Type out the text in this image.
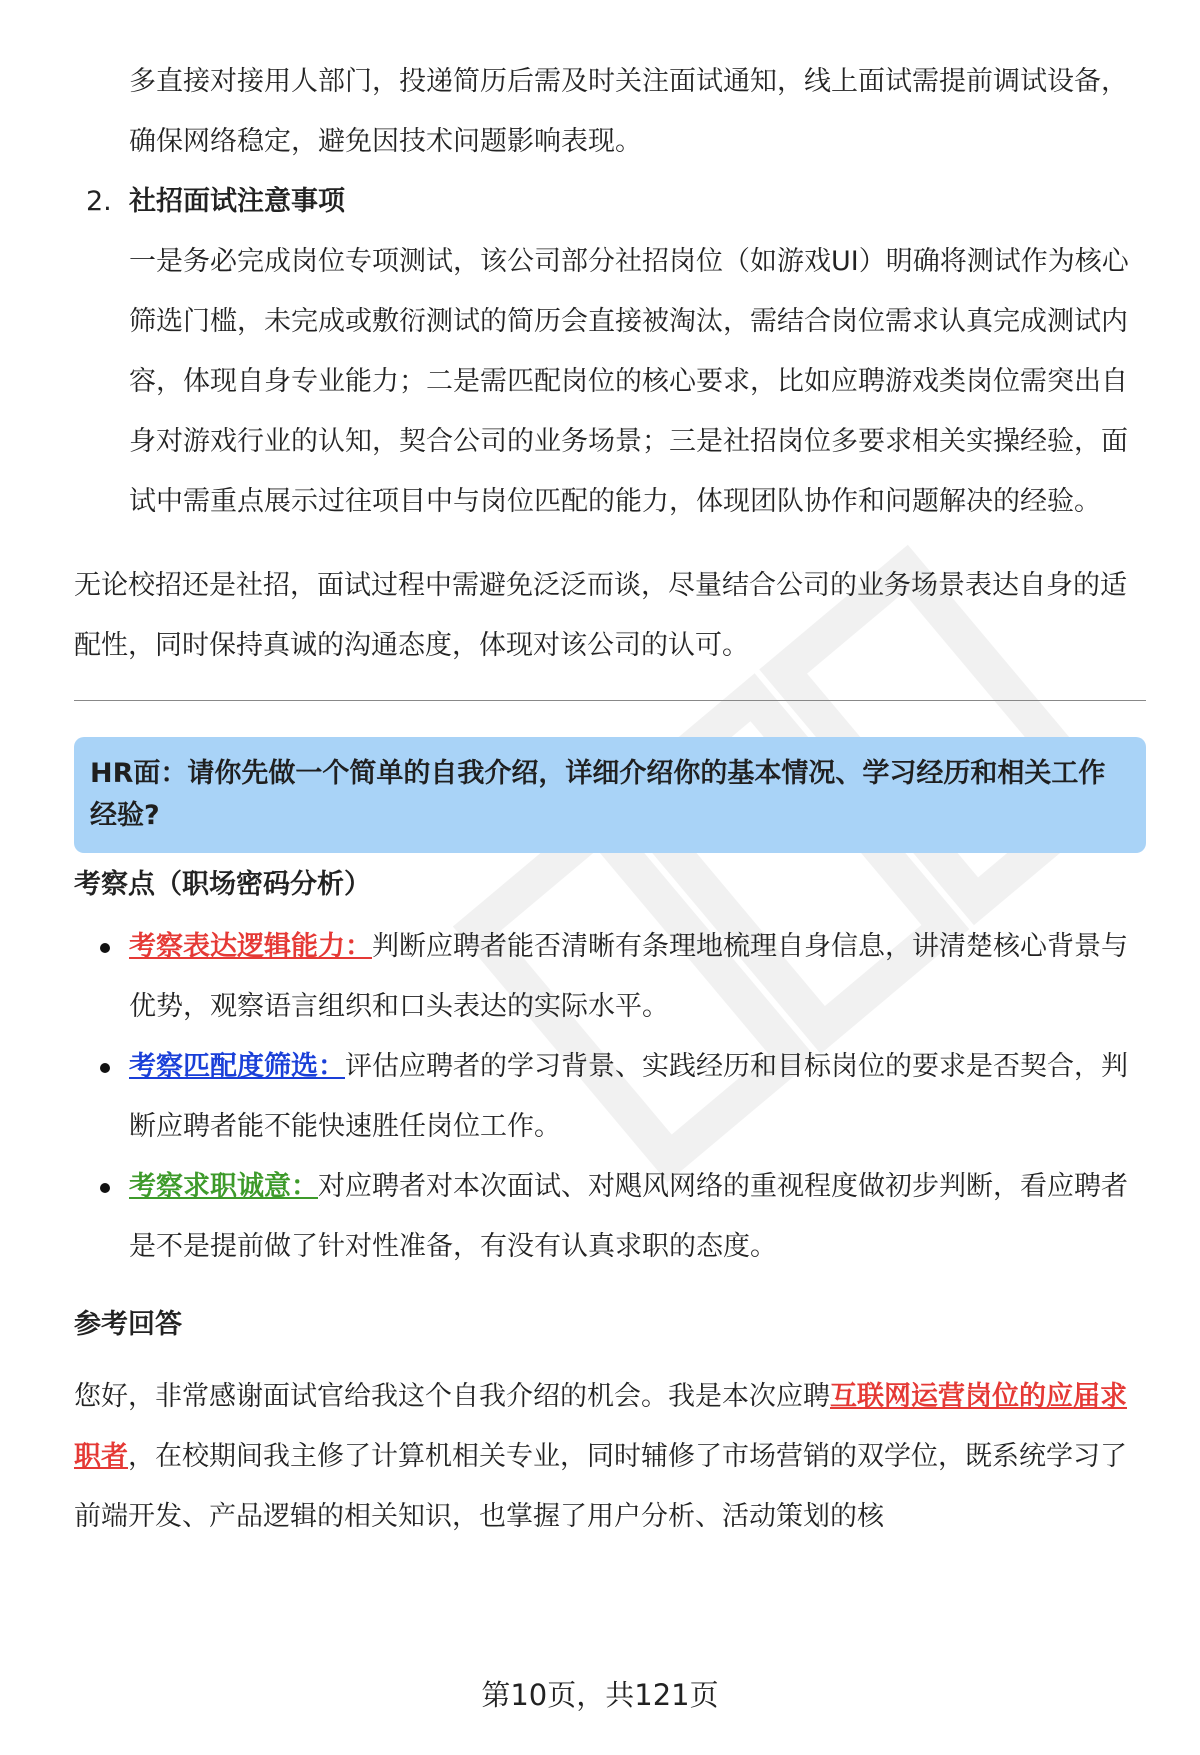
多直接对接用人部门，投递简历后需及时关注面试通知，线上面试需提前调试设备，确保网络稳定，避免因技术问题影响表现。

2. 社招面试注意事项

一是务必完成岗位专项测试，该公司部分社招岗位（如游戏UI）明确将测试作为核心筛选门槛，未完成或敷衍测试的简历会直接被淘汰，需结合岗位需求认真完成测试内容，体现自身专业能力；二是需匹配岗位的核心要求，比如应聘游戏类岗位需突出自身对游戏行业的认知，契合公司的业务场景；三是社招岗位多要求相关实操经验，面试中需重点展示过往项目中与岗位匹配的能力，体现团队协作和问题解决的经验。

无论校招还是社招，面试过程中需避免泛泛而谈，尽量结合公司的业务场景表达自身的适配性，同时保持真诚的沟通态度，体现对该公司的认可。

HR面：请你先做一个简单的自我介绍，详细介绍你的基本情况、学习经历和相关工作经验?
考察点（职场密码分析）
考察表达逻辑能力：判断应聘者能否清晰有条理地梳理自身信息，讲清楚核心背景与优势，观察语言组织和口头表达的实际水平。
考察匹配度筛选：评估应聘者的学习背景、实践经历和目标岗位的要求是否契合，判断应聘者能不能快速胜任岗位工作。
考察求职诚意：对应聘者对本次面试、对飓风网络的重视程度做初步判断，看应聘者是不是提前做了针对性准备，有没有认真求职的态度。
参考回答

您好，非常感谢面试官给我这个自我介绍的机会。我是本次应聘互联网运营岗位的应届求职者，在校期间我主修了计算机相关专业，同时辅修了市场营销的双学位，既系统学习了前端开发、产品逻辑的相关知识，也掌握了用户分析、活动策划的核

第10页，共121页
